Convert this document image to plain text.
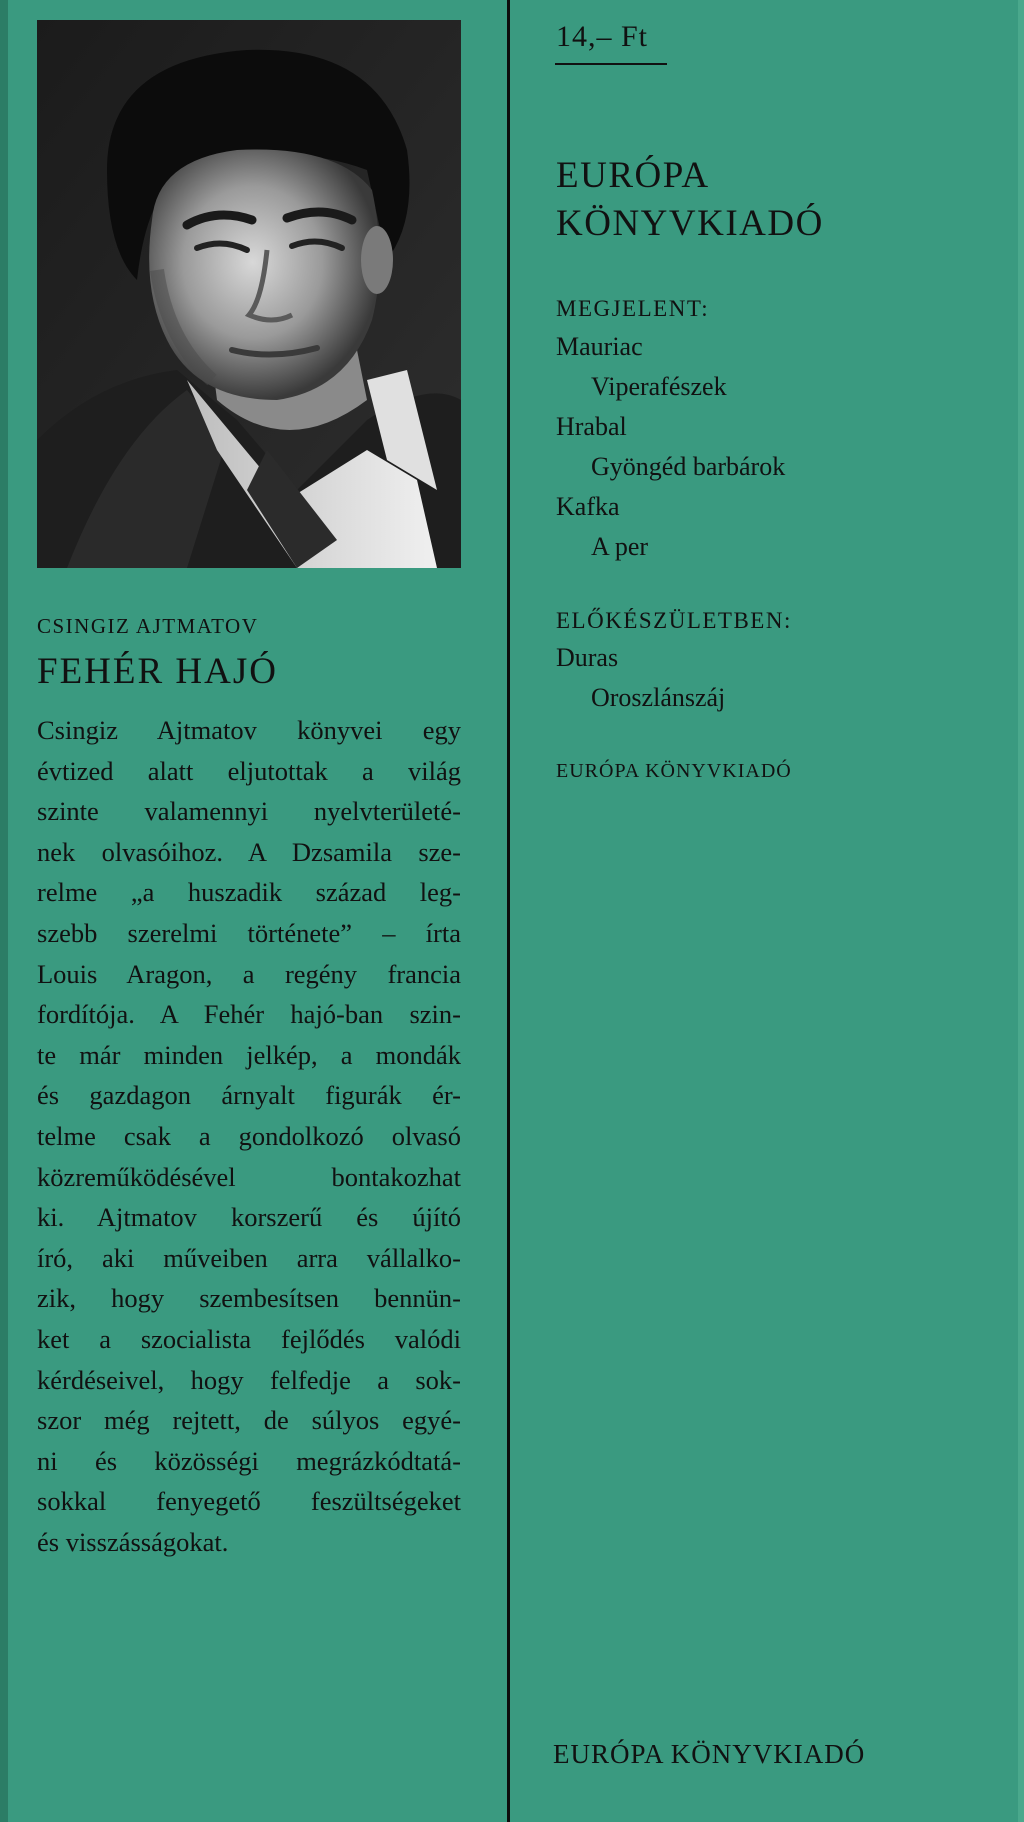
CSINGIZ AJTMATOV
FEHÉR HAJÓ
Csingiz Ajtmatov könyvei egy
évtized alatt eljutottak a világ
szinte valamennyi nyelvterületé-
nek olvasóihoz. A Dzsamila sze-
relme „a huszadik század leg-
szebb szerelmi története” – írta
Louis Aragon, a regény francia
fordítója. A Fehér hajó-ban szin-
te már minden jelkép, a mondák
és gazdagon árnyalt figurák ér-
telme csak a gondolkozó olvasó
közreműködésével bontakozhat
ki. Ajtmatov korszerű és újító
író, aki műveiben arra vállalko-
zik, hogy szembesítsen bennün-
ket a szocialista fejlődés valódi
kérdéseivel, hogy felfedje a sok-
szor még rejtett, de súlyos egyé-
ni és közösségi megrázkódtatá-
sokkal fenyegető feszültségeket
és visszásságokat.
14,– Ft
EURÓPA
KÖNYVKIADÓ
MEGJELENT:
Mauriac
Viperafészek
Hrabal
Gyöngéd barbárok
Kafka
A per
ELŐKÉSZÜLETBEN:
Duras
Oroszlánszáj
EURÓPA KÖNYVKIADÓ
EURÓPA KÖNYVKIADÓ
